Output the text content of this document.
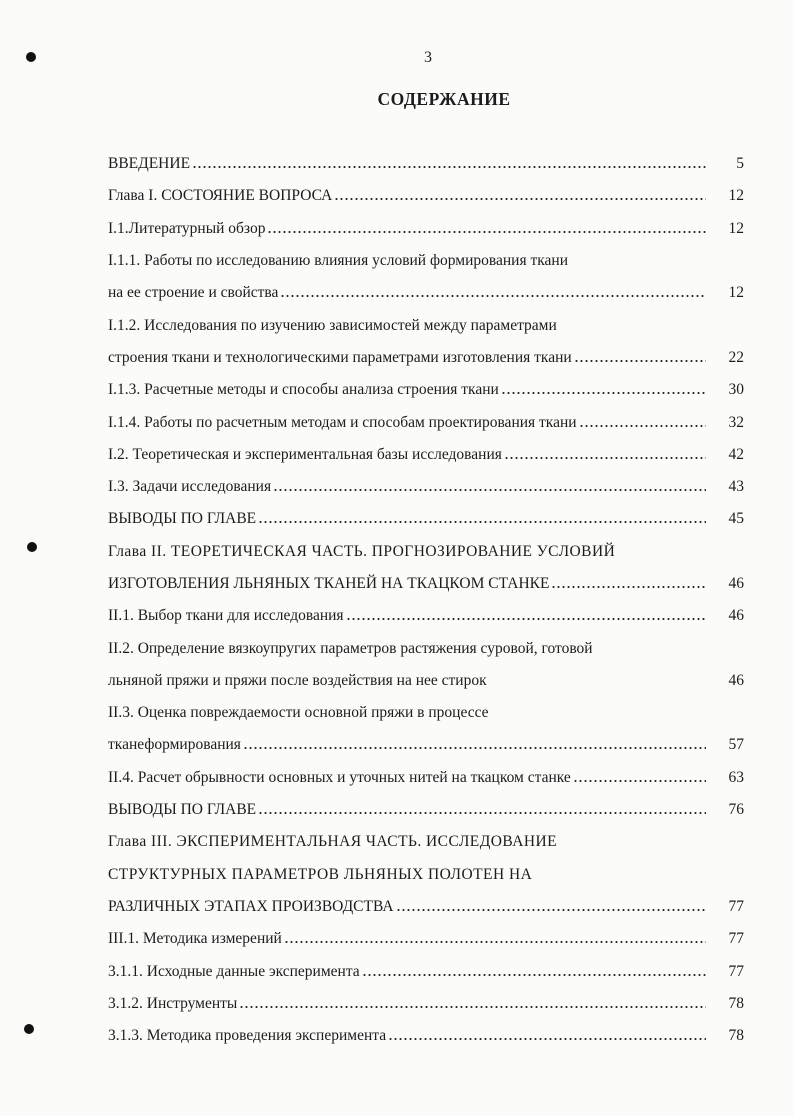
3
СОДЕРЖАНИЕ
ВВЕДЕНИЕ	5
Глава I. СОСТОЯНИЕ ВОПРОСА	12
I.1.Литературный обзор	12
I.1.1. Работы по исследованию влияния условий формирования ткани
на ее строение и свойства	12
I.1.2. Исследования по изучению зависимостей между параметрами
строения ткани и технологическими параметрами изготовления ткани	22
I.1.3. Расчетные методы и способы анализа строения ткани	30
I.1.4. Работы по расчетным методам и способам проектирования ткани	32
I.2. Теоретическая и экспериментальная базы исследования	42
I.3. Задачи исследования	43
ВЫВОДЫ ПО ГЛАВЕ	45
Глава II. ТЕОРЕТИЧЕСКАЯ ЧАСТЬ. ПРОГНОЗИРОВАНИЕ УСЛОВИЙ
ИЗГОТОВЛЕНИЯ ЛЬНЯНЫХ ТКАНЕЙ НА ТКАЦКОМ СТАНКЕ	46
II.1. Выбор ткани для исследования	46
II.2. Определение вязкоупругих параметров растяжения суровой, готовой
льняной пряжи и пряжи после воздействия на нее стирок	46
II.3. Оценка повреждаемости основной пряжи в процессе
тканеформирования	57
II.4. Расчет обрывности основных и уточных нитей на ткацком станке	63
ВЫВОДЫ ПО ГЛАВЕ	76
Глава III. ЭКСПЕРИМЕНТАЛЬНАЯ ЧАСТЬ. ИССЛЕДОВАНИЕ
СТРУКТУРНЫХ ПАРАМЕТРОВ ЛЬНЯНЫХ ПОЛОТЕН НА
РАЗЛИЧНЫХ ЭТАПАХ ПРОИЗВОДСТВА	77
III.1. Методика измерений	77
3.1.1. Исходные данные эксперимента	77
3.1.2. Инструменты	78
3.1.3. Методика проведения эксперимента	78
